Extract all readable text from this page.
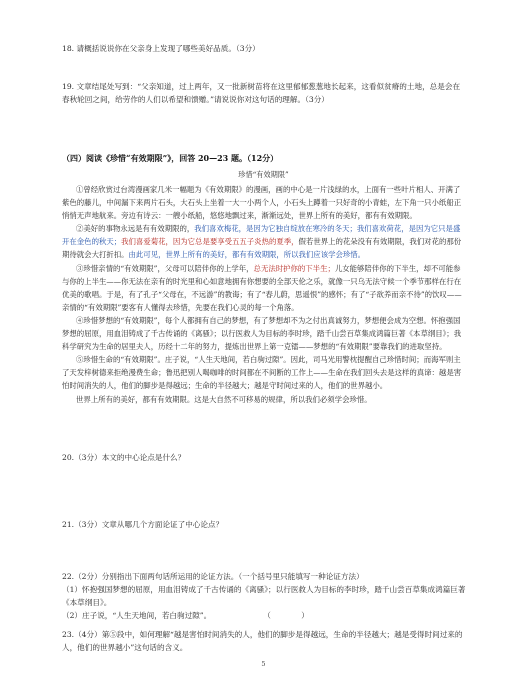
18. 请概括说说你在父亲身上发现了哪些美好品质。（3分）
19. 文章结尾处写到：“父亲知道，过上两年，又一批新树苗将在这里郁郁葱葱地长起来，这看似贫瘠的土地，总是会在春秋轮回之间，给劳作的人们以希望和馈赠。”请说说你对这句话的理解。（3分）
（四）阅读《珍惜“有效期限”》，回答 20—23 题。（12分）
珍惜“有效期限”

①曾经欣赏过台湾漫画家几米一幅题为《有效期限》的漫画，画的中心是一片浅绿的水，上面有一些叶片相人、开满了紫色的藤儿，中间漏下来两片石头，大石头上坐着一大一小两个人，小石头上蹲着一只好奇的小青蛙，左下角一只小纸船正悄悄无声地航来。旁边有诗云：一艘小纸船，悠悠地飘过来，渐渐远处，世界上所有的美好，都有有效期限。

②美好的事物永远是有有效期限的，我们喜欢梅花，是因为它独自绽放在寒冷的冬天；我们喜欢荷花，是因为它只是盛开在金色的秋天；我们喜爱菊花，因为它总是要享受五五子炎热的夏季，假若世界上的花朵没有有效期限，我们对花的那份期待就会大打折扣。由此可见，世界上所有的美好，都有有效期限，所以我们应该学会珍惜。

③珍惜亲情的“有效期限”，父母可以陪伴你的上学年，总无法时护你的下半生；儿女能够陪伴你的下半生，却不可能参与你的上半生——你无法在亲有的时光里和心如意地拥有你想要的全部天伦之乐，就像一只乌无法守候一个季节那样在行在优美的歌唱。于是，有了孔子“父母在，不远游”的教诲；有了“春儿蔚，思遥恨”的感怀；有了“子欲养而亲不待”的饮叹——亲情的“有效期限”要客有人懂得去珍惜，先要在我们心灵的每一个角落。

④珍惜梦想的“有效期限”，每个人都拥有自己的梦想，有了梦想却不为之付出真诚努力，梦想便会成为空想。怀抱强国梦想的屈原，用血泪铸成了千古传诵的《离骚》；以行医救人为目标的李时珍，踏千山尝百草集成鸿篇巨著《本草纲目》；我科学研究为生命的居里夫人，历经十二年的努力，提炼出世界上第一克镭——梦想的“有效期限”要靠我们的进取坚持。

⑤珍惜生命的“有效期限”。庄子说，“人生天地间，若白驹过隙”。因此，司马光用警枕提醒自己珍惜时间；而海军则主了天发梓树德来拒绝漫费生命；鲁迅把别人喝咖啡的时间都在不间断的工作上——生命在我们回头去是这样的真谛：越是害怕时间消失的人，他们的脚步是得越远；生命的半径越大；越是守时间过来的人，他们的世界越小。

世界上所有的美好，都有有效期限。这是大自然不可移易的规律，所以我们必须学会珍惜。

20.（3分）本文的中心论点是什么？
21.（3分）文章从哪几个方面论证了中心论点？
22.（2分）分别指出下面两句话所运用的论证方法。（一个括号里只能填写一种论证方法）
（1）怀抱强国梦想的屈原，用血泪铸成了千古传诵的《离骚》；以行医救人为目标的李时珍，踏千山尝百草集成鸿篇巨著《本草纲目》。
（2）庄子说，“人生天地间，若白驹过隙”。	（　　　　）
23.（4分）第⑤段中，如何理解“越是害怕时间消失的人，他们的脚步是得越远，生命的半径越大；越是受得时间过来的人，他们的世界越小”这句话的含义。
5
